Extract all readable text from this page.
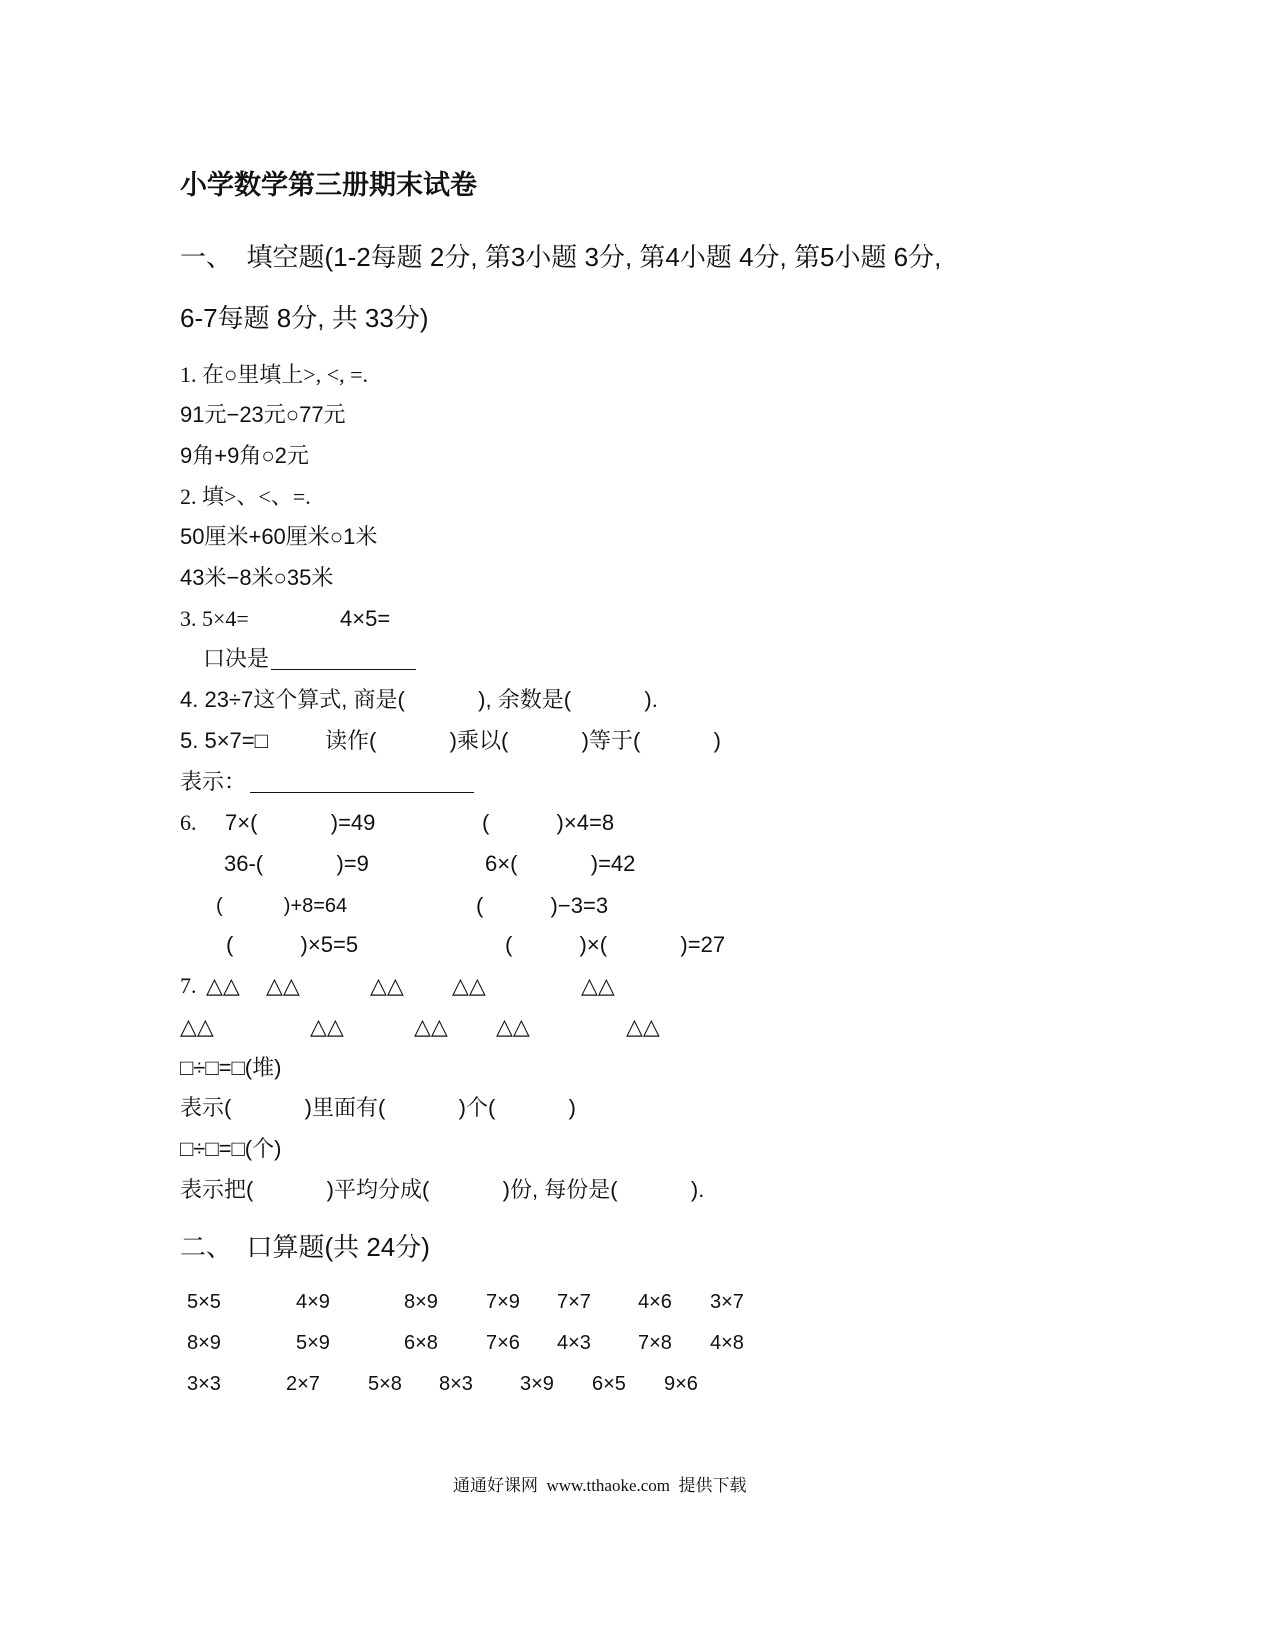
小学数学第三册期末试卷
一、  填空题(1-2每题 2分, 第3小题 3分, 第4小题 4分, 第5小题 6分,
6-7每题 8分, 共 33分)
1. 在○里填上>, <, =.
91元−23元○77元
9角+9角○2元
2. 填>、<、=.
50厘米+60厘米○1米
43米−8米○35米
3. 5×4=	4×5=
口决是
4. 23÷7这个算式, 商是(            ), 余数是(            ).
5. 5×7=□	读作(            )乘以(            )等于(            )
表示：
6. 7×(            )=49	(           )×4=8
36-(            )=9	6×(            )=42
(           )+8=64	(           )−3=3
(           )×5=5	(           )×(            )=27
7. △△ △△	△△ △△	△△
△△	△△	△△ △△	△△
□÷□=□(堆)
表示(            )里面有(            )个(            )
□÷□=□(个)
表示把(            )平均分成(            )份, 每份是(            ).
二、  口算题(共 24分)
5×5	4×9	8×9 7×9 7×7 4×6 3×7
8×9	5×9	6×8 7×6 4×3 7×8 4×8
3×3	2×7 5×8 8×3 3×9 6×5 9×6
通通好课网  www.tthaoke.com  提供下载
